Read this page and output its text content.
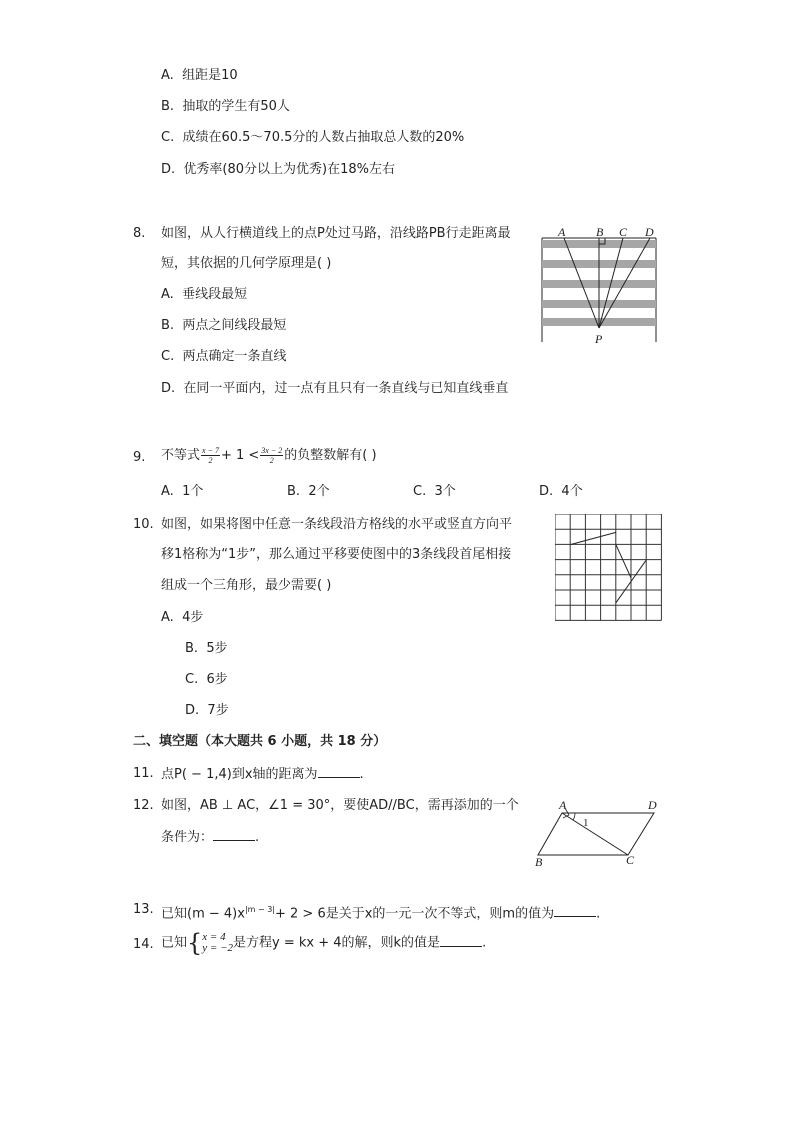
A. 组距是10
B. 抽取的学生有50人
C. 成绩在60.5～70.5分的人数占抽取总人数的20%
D. 优秀率(80分以上为优秀)在18%左右
8. 如图，从人行横道线上的点P处过马路，沿线路PB行走距离最
短，其依据的几何学原理是( )
A. 垂线段最短
B. 两点之间线段最短
C. 两点确定一条直线
D. 在同一平面内，过一点有且只有一条直线与已知直线垂直
A	B C D
P
9. 不等式 $\frac{x - 7}{2} + 1 < \frac{3x - 2}{2}$ 的负整数解有( )
A. 1个	B. 2个	C. 3个	D. 4个
10. 如图，如果将图中任意一条线段沿方格线的水平或竖直方向平
移1格称为“1步”，那么通过平移要使图中的3条线段首尾相接
组成一个三角形，最少需要( )
A. 4步
B. 5步
C. 6步
D. 7步
二、填空题（本大题共 6 小题，共 18 分）
11. 点P( − 1,4)到x轴的距离为	.
12. 如图，AB ⊥ AC，∠1 = 30°，要使AD//BC，需再添加的一个
条件为：	.
A	D
B	C
1
13. 已知$(m - 4)x^{|m - 3|}+ 2 > 6$是关于x的一元一次不等式，则m的值为	.
14. 已知{ x = 4
y = −2 是方程y = kx + 4的解，则k的值是	.
